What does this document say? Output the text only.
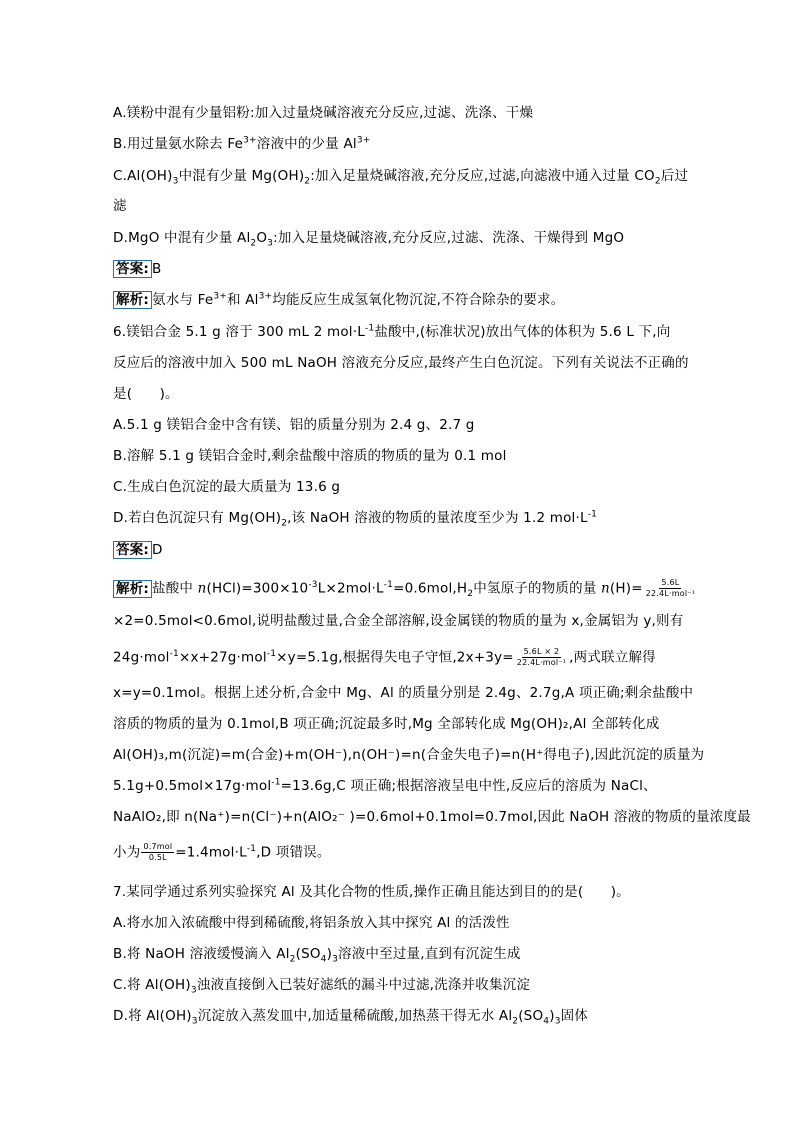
A.镁粉中混有少量铝粉:加入过量烧碱溶液充分反应,过滤、洗涤、干燥
B.用过量氨水除去 $Fe^{3+}$溶液中的少量 $Al^{3+}$
$C.Al(OH)_3$中混有少量 $Mg(OH)_2$:加入足量烧碱溶液,充分反应,过滤,向滤液中通入过量 $CO_2$后过
滤
D.MgO 中混有少量 $Al_2O_3$:加入足量烧碱溶液,充分反应,过滤、洗涤、干燥得到 MgO
答案: B
解析: 氨水与 $Fe^{3+}$和 $Al^{3+}$均能反应生成氢氧化物沉淀,不符合除杂的要求。
6.镁铝合金 5.1 g 溶于 300 mL 2 $mol\cdot L^{-1}$盐酸中,(标准状况)放出气体的体积为 5.6 L 下,向
反应后的溶液中加入 500 mL NaOH 溶液充分反应,最终产生白色沉淀。下列有关说法不正确的
是(　　)。
A.5.1 g 镁铝合金中含有镁、铝的质量分别为 2.4 g、2.7 g
B.溶解 5.1 g 镁铝合金时,剩余盐酸中溶质的物质的量为 0.1 mol
C.生成白色沉淀的最大质量为 13.6 g
D.若白色沉淀只有 $Mg(OH)_2$,该 NaOH 溶液的物质的量浓度至少为 1.2 $mol\cdot L^{-1}$
答案: D
解析: 盐酸中 $n(HCl)=300\times 10^{-3}L\times 2mol\cdot L^{-1}=0.6mol,H_2$中氢原子的物质的量 $n(H)= \frac{5.6L}{\text{22.4L·mol⁻¹}}$
×2=0.5mol<0.6mol,说明盐酸过量,合金全部溶解,设金属镁的物质的量为 x,金属铝为 y,则有
24g·mol$^{-1}$×x+27g·mol$^{-1}$×y=5.1g,根据得失电子守恒$,2x+3y= \frac{5.6L \times 2}{\text{22.4L·mol⁻¹}}$ ,两式联立解得
x=y=0.1mol。根据上述分析,合金中 Mg、Al 的质量分别是 2.4g、2.7g,A 项正确;剩余盐酸中
溶质的物质的量为 0.1mol,B 项正确;沉淀最多时,Mg 全部转化成 Mg(OH)₂,Al 全部转化成
Al(OH)₃,m(沉淀)=m(合金)+m(OH⁻),n(OH⁻)=n(合金失电子)=n(H⁺得电子),因此沉淀的质量为
5.1g+0.5mol×17g·mol$^{-1}$=13.6g,C 项正确;根据溶液呈电中性,反应后的溶质为 NaCl、
NaAlO₂,即 n(Na⁺)=n(Cl⁻)+n(AlO₂⁻ )=0.6mol+0.1mol=0.7mol,因此 NaOH 溶液的物质的量浓度最
小为 $\frac{\text{0.7mol}}{0.5L} =1.4mol\cdot L^{-1},D$ 项错误。
7.某同学通过系列实验探究 Al 及其化合物的性质,操作正确且能达到目的的是(　　)。
A.将水加入浓硫酸中得到稀硫酸,将铝条放入其中探究 Al 的活泼性
B.将 NaOH 溶液缓慢滴入 $Al_2(SO_4)_3$溶液中至过量,直到有沉淀生成
C.将 $Al(OH)_3$浊液直接倒入已装好滤纸的漏斗中过滤,洗涤并收集沉淀
D.将 $Al(OH)_3$沉淀放入蒸发皿中,加适量稀硫酸,加热蒸干得无水 $Al_2(SO_4)_3$固体
